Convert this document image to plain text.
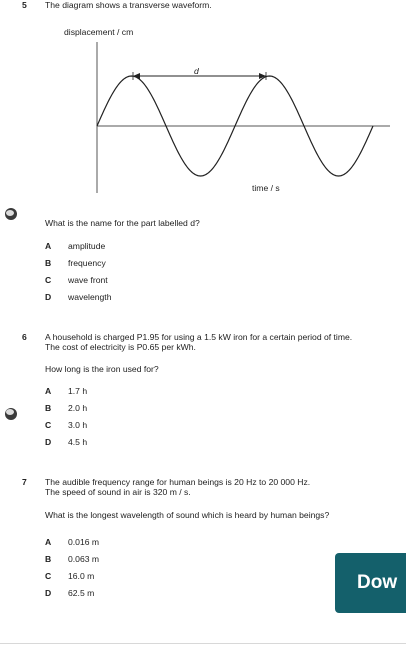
5 The diagram shows a transverse waveform.
displacement / cm
d
time / s
What is the name for the part labelled d?
A amplitude
B frequency
C wave front
D wavelength
6 A household is charged P1.95 for using a 1.5 kW iron for a certain period of time.
The cost of electricity is P0.65 per kWh.
How long is the iron used for?
A 1.7 h
B 2.0 h
C 3.0 h
D 4.5 h
7 The audible frequency range for human beings is 20 Hz to 20 000 Hz.
The speed of sound in air is 320 m / s.
What is the longest wavelength of sound which is heard by human beings?
A 0.016 m
B 0.063 m
C 16.0 m
D 62.5 m	Dow
